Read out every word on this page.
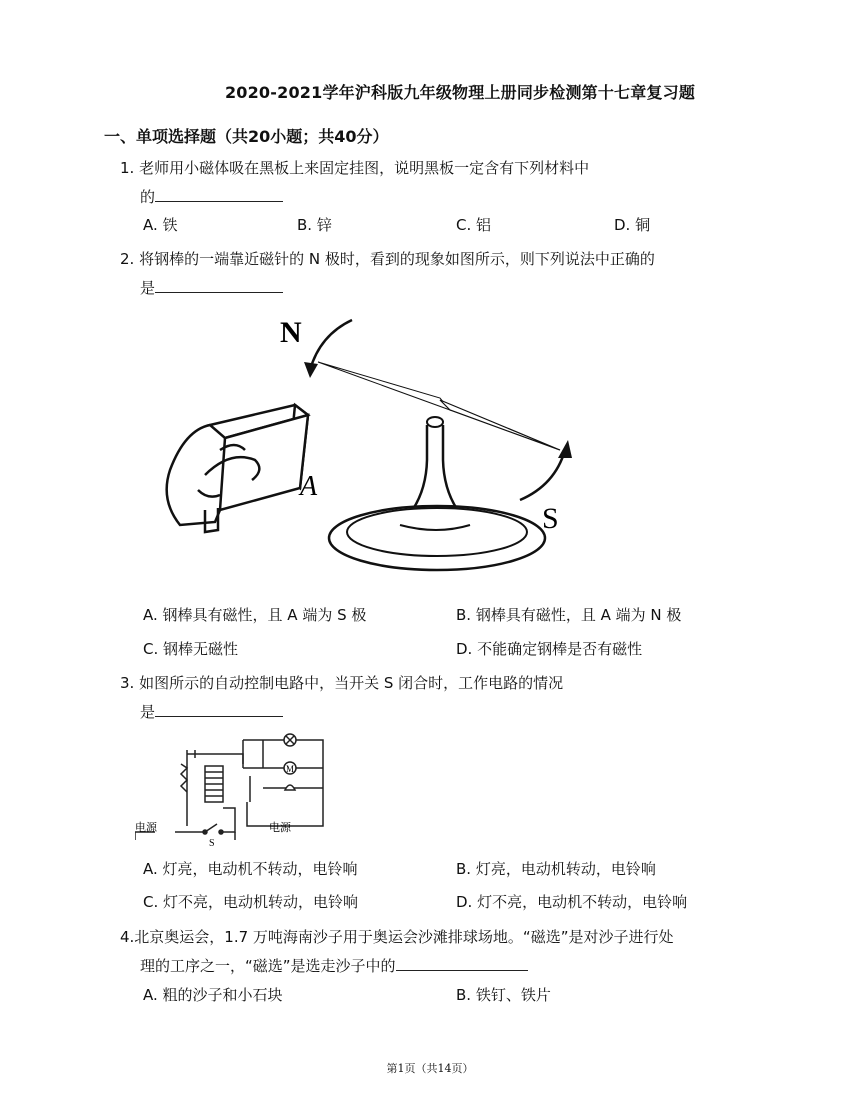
2020-2021学年沪科版九年级物理上册同步检测第十七章复习题
一、单项选择题（共20小题；共40分）
1. 老师用小磁体吸在黑板上来固定挂图，说明黑板一定含有下列材料中
的
A. 铁	B. 锌	C. 铝	D. 铜
2. 将钢棒的一端靠近磁针的 N 极时，看到的现象如图所示，则下列说法中正确的
是
N
S
A
A. 钢棒具有磁性，且 A 端为 S 极	B. 钢棒具有磁性，且 A 端为 N 极
C. 钢棒无磁性	D. 不能确定钢棒是否有磁性
3. 如图所示的自动控制电路中，当开关 S 闭合时，工作电路的情况
是
电源	电源
S
M
A. 灯亮，电动机不转动，电铃响	B. 灯亮，电动机转动，电铃响
C. 灯不亮，电动机转动，电铃响	D. 灯不亮，电动机不转动，电铃响
4.北京奥运会，1.7 万吨海南沙子用于奥运会沙滩排球场地。“磁选”是对沙子进行处
理的工序之一，“磁选”是选走沙子中的
A. 粗的沙子和小石块	B. 铁钉、铁片
第1页（共14页）
